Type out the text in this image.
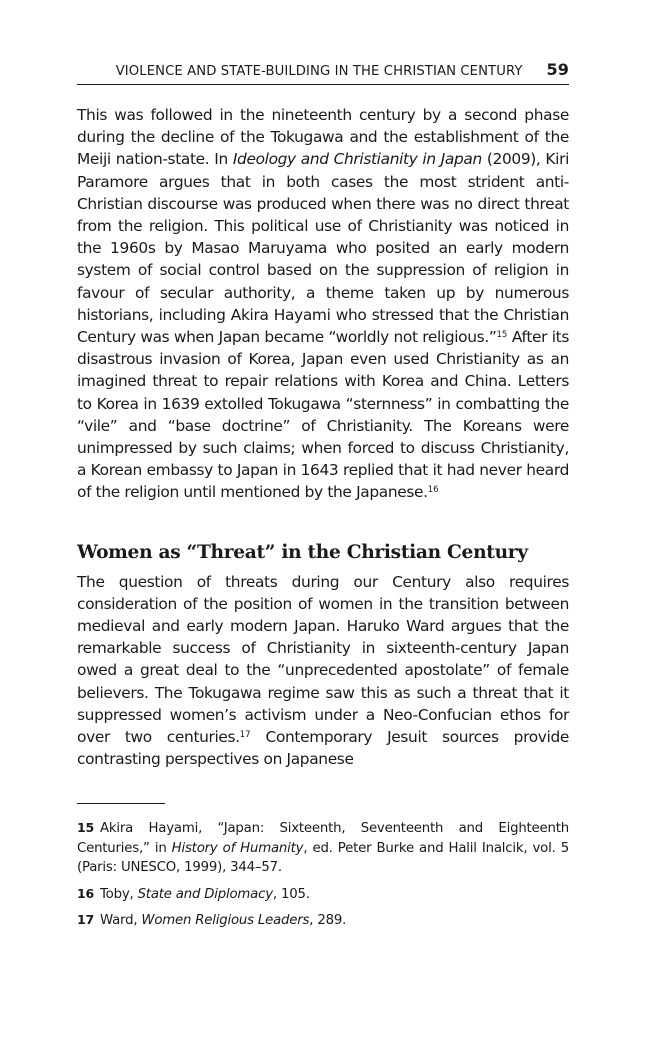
VIOLENCE AND STATE-BUILDING IN THE CHRISTIAN CENTURY 59

This was followed in the nineteenth century by a second phase during the decline of the Tokugawa and the establishment of the Meiji nation-state. In Ideology and Christianity in Japan (2009), Kiri Paramore argues that in both cases the most strident anti-Christian discourse was produced when there was no direct threat from the religion. This political use of Christianity was noticed in the 1960s by Masao Maruyama who posited an early modern system of social control based on the suppression of religion in favour of secular authority, a theme taken up by numerous historians, including Akira Hayami who stressed that the Christian Century was when Japan became “worldly not religious.”$^{15}$ After its disastrous invasion of Korea, Japan even used Christianity as an imagined threat to repair relations with Korea and China. Letters to Korea in 1639 extolled Tokugawa “sternness” in combatting the “vile” and “base doctrine” of Christianity. The Koreans were unimpressed by such claims; when forced to discuss Christianity, a Korean embassy to Japan in 1643 replied that it had never heard of the religion until mentioned by the Japanese.$^{16}$

Women as “Threat” in the Christian Century

The question of threats during our Century also requires consideration of the position of women in the transition between medieval and early modern Japan. Haruko Ward argues that the remarkable success of Christianity in sixteenth-century Japan owed a great deal to the “unprecedented apostolate” of female believers. The Tokugawa regime saw this as such a threat that it suppressed women’s activism under a Neo-Confucian ethos for over two centuries.$^{17}$ Contemporary Jesuit sources provide contrasting perspectives on Japanese

15 Akira Hayami, “Japan: Sixteenth, Seventeenth and Eighteenth Centuries,” in History of Humanity, ed. Peter Burke and Halil Inalcik, vol. 5 (Paris: UNESCO, 1999), 344–57.

16 Toby, State and Diplomacy, 105.

17 Ward, Women Religious Leaders, 289.
